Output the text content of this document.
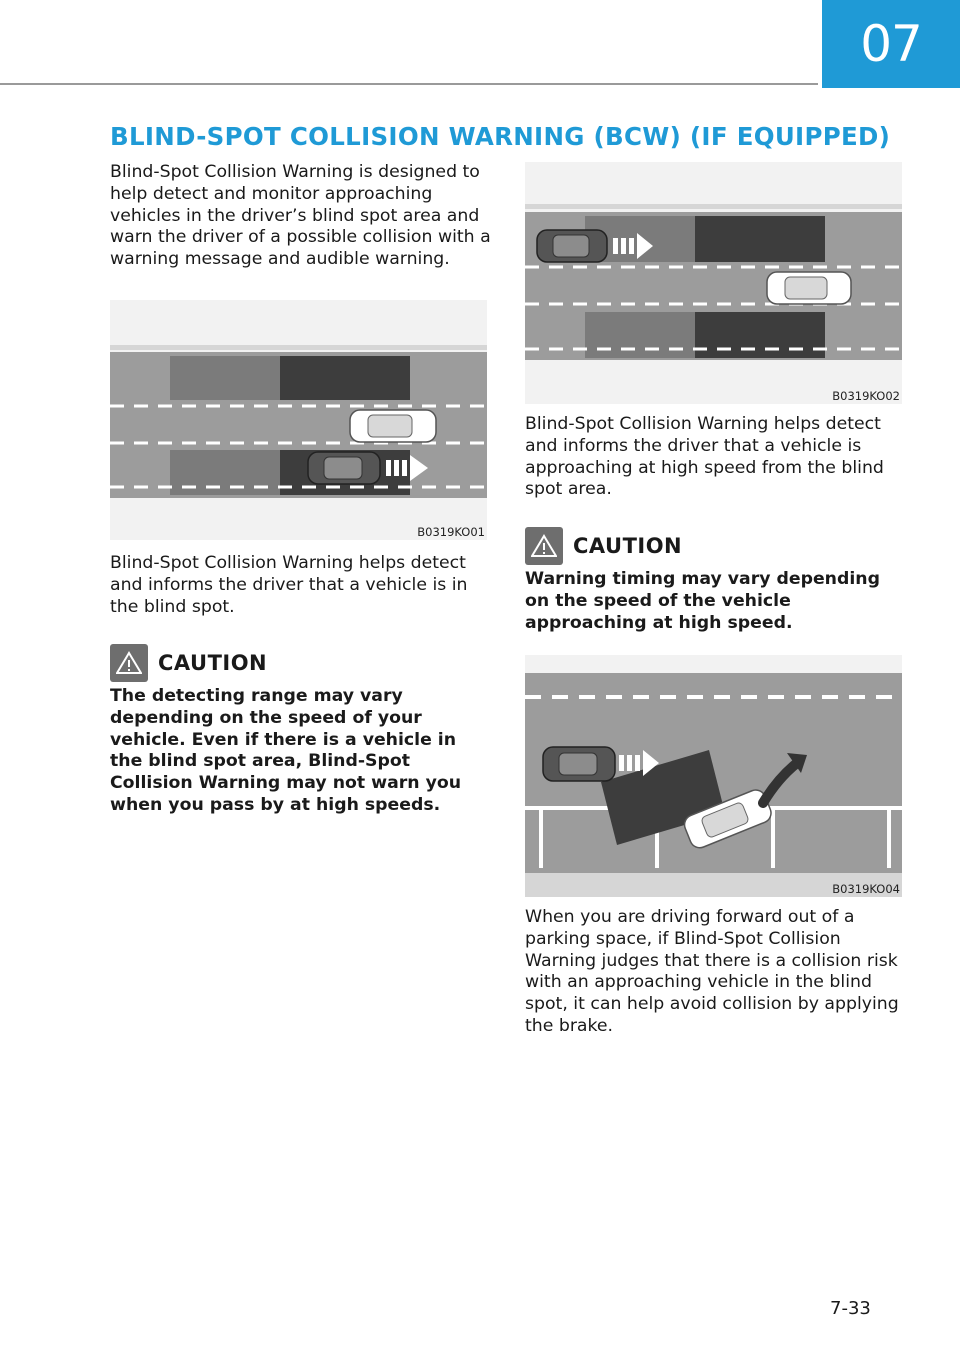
07
BLIND-SPOT COLLISION WARNING (BCW) (IF EQUIPPED)
Blind-Spot Collision Warning is designed to help detect and monitor approaching vehicles in the driver’s blind spot area and warn the driver of a possible collision with a warning message and audible warning.
B0319KO01
Blind-Spot Collision Warning helps detect and informs the driver that a vehicle is in the blind spot.
CAUTION
The detecting range may vary depending on the speed of your vehicle. Even if there is a vehicle in the blind spot area, Blind-Spot Collision Warning may not warn you when you pass by at high speeds.
B0319KO02
Blind-Spot Collision Warning helps detect and informs the driver that a vehicle is approaching at high speed from the blind spot area.
CAUTION
Warning timing may vary depending on the speed of the vehicle approaching at high speed.
B0319KO04
When you are driving forward out of a parking space, if Blind-Spot Collision Warning judges that there is a collision risk with an approaching vehicle in the blind spot, it can help avoid collision by applying the brake.
7-33
